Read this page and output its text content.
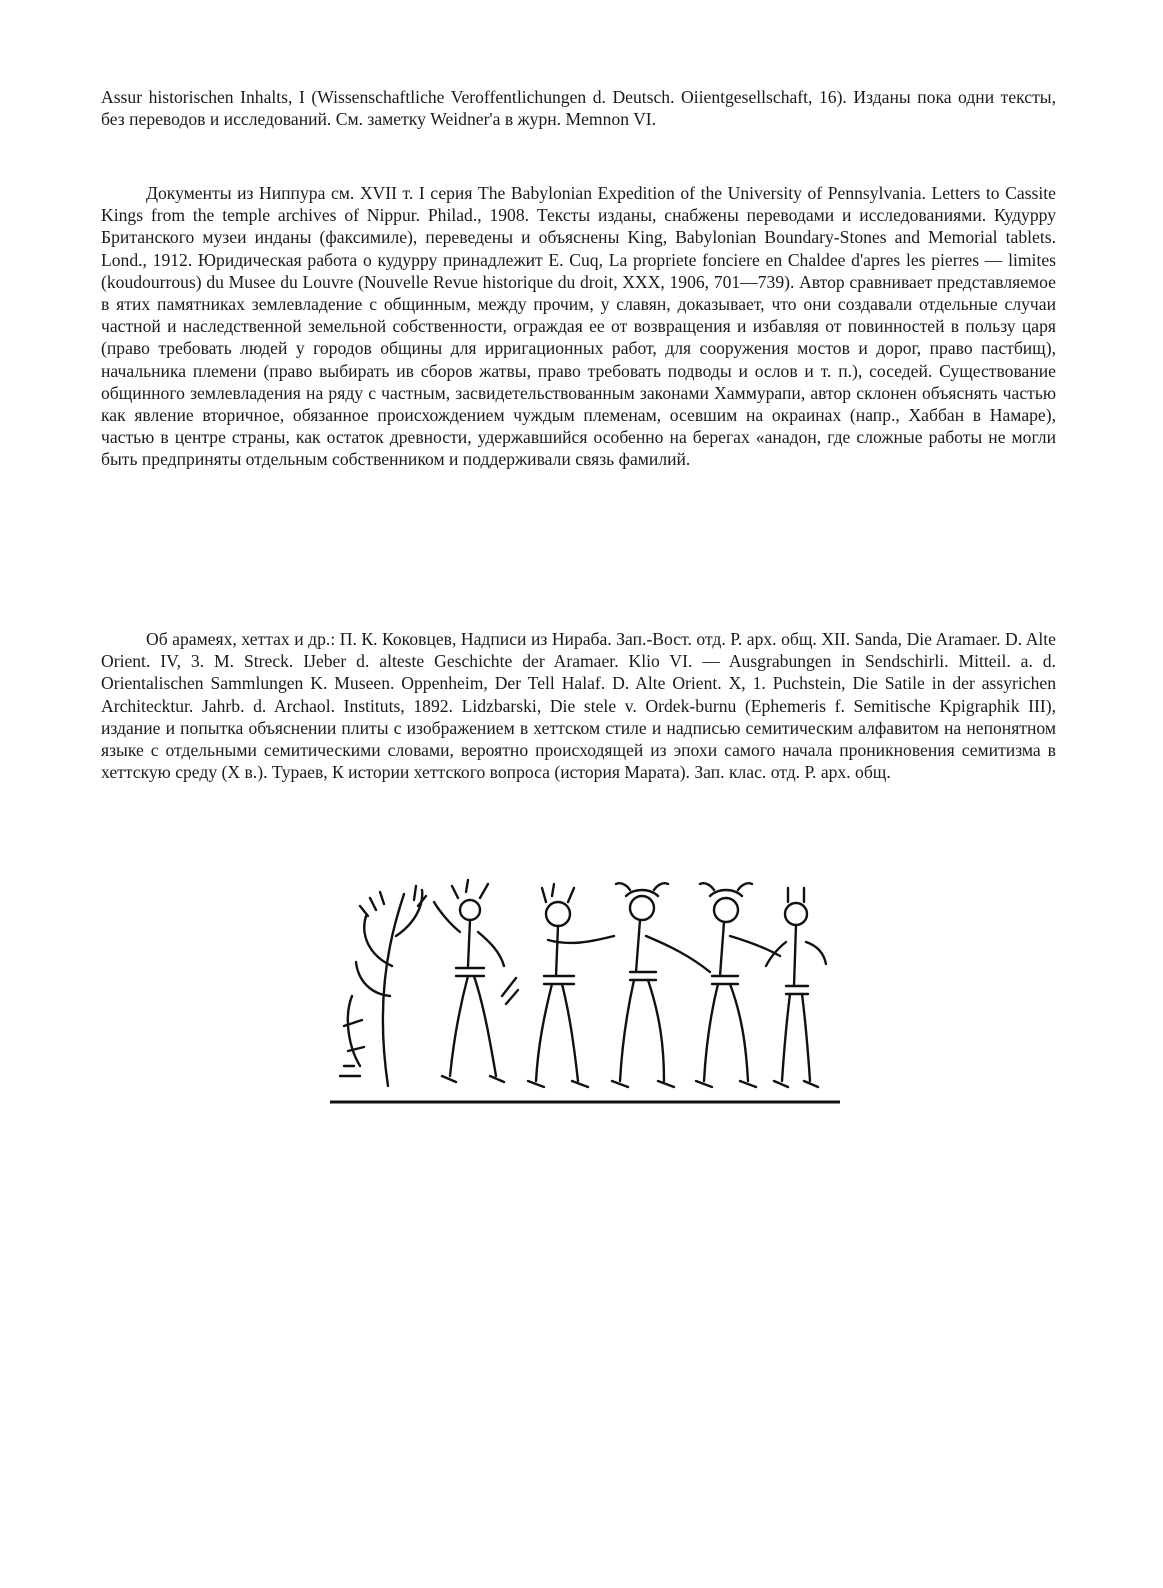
Assur historischen Inhalts, I (Wissenschaftliche Veroffentlichungen d. Deutsch. Oiientgesellschaft, 16). Изданы пока одни тексты, без переводов и исследований. См. заметку Weidner'а в журн. Memnon VI.

Документы из Ниппура см. XVII т. I серия The Babylonian Expedition of the University of Pennsylvania. Letters to Cassite Kings from the temple archives of Nippur. Philad., 1908. Тексты изданы, снабжены переводами и исследованиями. Кудурру Британского музеи инданы (факсимиле), переведены и объяснены King, Babylonian Boundary-Stones and Memorial tablets. Lond., 1912. Юридическая работа о кудурру принадлежит E. Cuq, La propriete fonciere en Chaldee d'apres les pierres — limites (koudourrous) du Musee du Louvre (Nouvelle Revue historique du droit, XXX, 1906, 701—739). Автор сравнивает представляемое в ятих памятниках землевладение с общинным, между прочим, у славян, доказывает, что они создавали отдельные случаи частной и наследственной земельной собственности, ограждая ее от возвращения и избавляя от повинностей в пользу царя (право требовать людей у городов общины для ирригационных работ, для сооружения мостов и дорог, право пастбищ), начальника племени (право выбирать ив сборов жатвы, право требовать подводы и ослов и т. п.), соседей. Существование общинного землевладения на ряду с частным, засвидетельствованным законами Хаммурапи, автор склонен объяснять частью как явление вторичное, обязанное происхождением чуждым племенам, осевшим на окраинах (напр., Хаббан в Намаре), частью в центре страны, как остаток древности, удержавшийся особенно на берегах «анадон, где сложные работы не могли быть предприняты отдельным собственником и поддерживали связь фамилий.

Об арамеях, хеттах и др.: П. К. Коковцев, Надписи из Нираба. Зап.-Вост. отд. Р. арх. общ. XII. Sanda, Die Aramaer. D. Alte Orient. IV, 3. M. Streck. IJeber d. alteste Geschichte der Aramaer. Klio VI. — Ausgrabungen in Sendschirli. Mitteil. a. d. Orientalischen Sammlungen K. Museen. Oppenheim, Der Tell Halaf. D. Alte Orient. X, 1. Puchstein, Die Satile in der assyrichen Architecktur. Jahrb. d. Archaol. Instituts, 1892. Lidzbarski, Die stele v. Ordek-burnu (Ephemeris f. Semitische Kpigraphik III), издание и попытка объяснении плиты с изображением в хеттском стиле и надписью семитическим алфавитом на непонятном языке с отдельными семитическими словами, вероятно происходящей из эпохи самого начала проникновения семитизма в хеттскую среду (X в.). Тураев, К истории хеттского вопроса (история Марата). Зап. клас. отд. Р. арх. общ.
